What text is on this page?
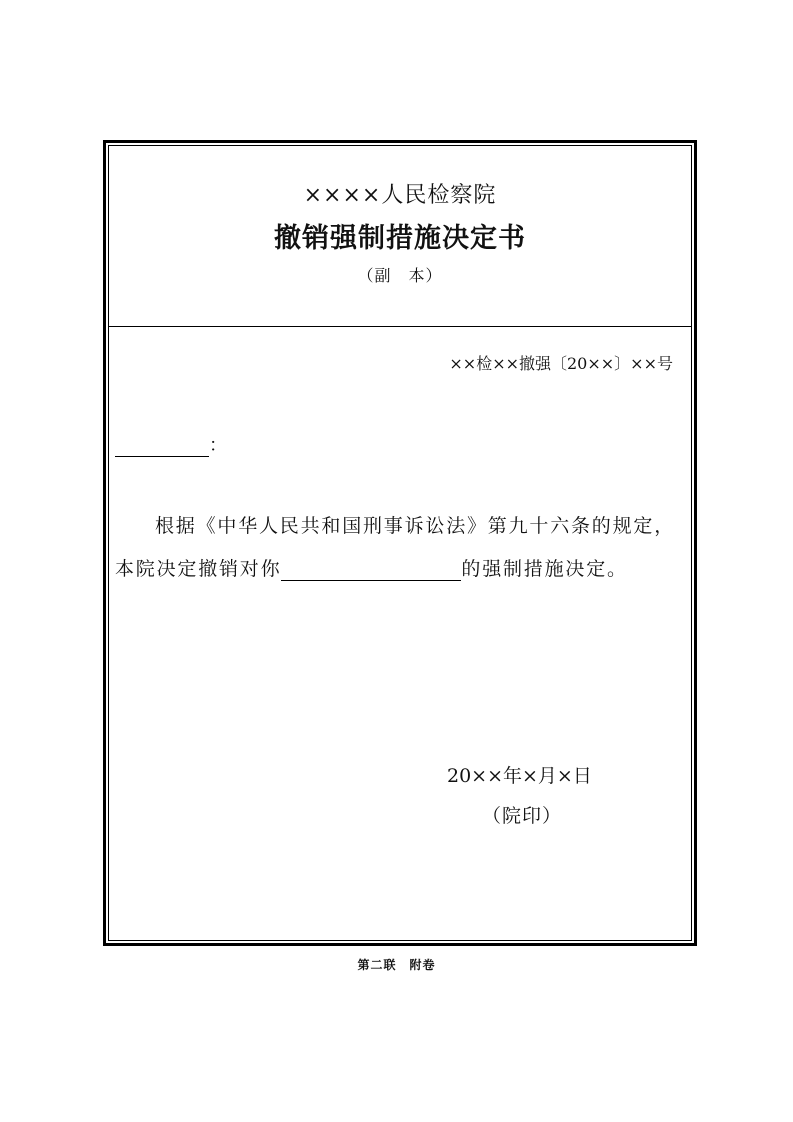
××××人民检察院
撤销强制措施决定书
（副　本）
××检××撤强〔20××〕××号
：
根据《中华人民共和国刑事诉讼法》第九十六条的规定，
本院决定撤销对你	的强制措施决定。
20××年×月×日
（院印）
第二联　附卷
